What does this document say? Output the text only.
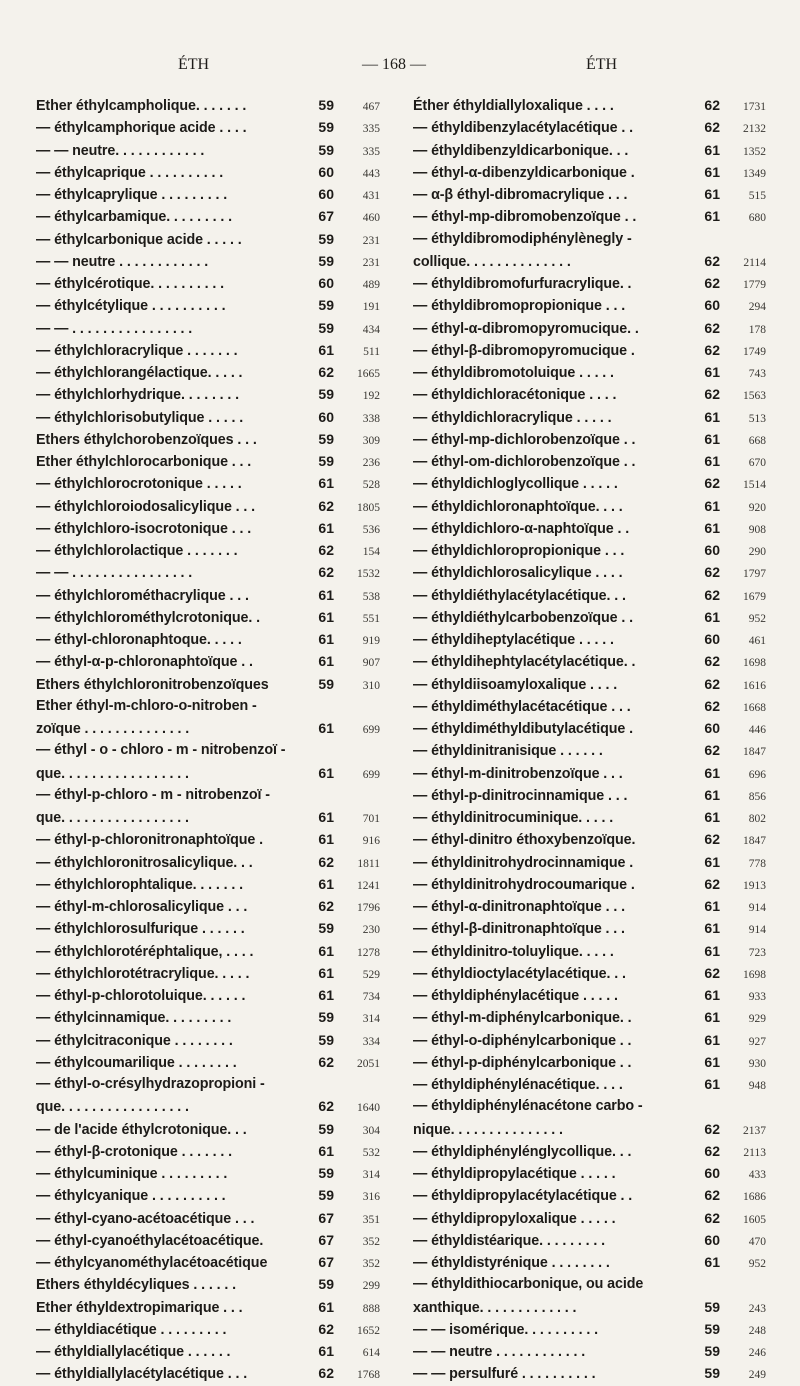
ÉTH	— 168 —	ÉTH
Ether éthylcampholique. . . . . . .	59	467
— éthylcamphorique acide . . . .	59	335
— — neutre. . . . . . . . . . . .	59	335
— éthylcaprique . . . . . . . . . .	60	443
— éthylcaprylique . . . . . . . . .	60	431
— éthylcarbamique. . . . . . . . .	67	460
— éthylcarbonique acide . . . . .	59	231
— — neutre . . . . . . . . . . . .	59	231
— éthylcérotique. . . . . . . . . .	60	489
— éthylcétylique . . . . . . . . . .	59	191
— — . . . . . . . . . . . . . . . .	59	434
— éthylchloracrylique . . . . . . .	61	511
— éthylchlorangélactique. . . . .	62	1665
— éthylchlorhydrique. . . . . . . .	59	192
— éthylchlorisobutylique . . . . .	60	338
Ethers éthylchorobenzoïques . . .	59	309
Ether éthylchlorocarbonique . . .	59	236
— éthylchlorocrotonique . . . . .	61	528
— éthylchloroiodosalicylique . . .	62	1805
— éthylchloro-isocrotonique . . .	61	536
— éthylchlorolactique . . . . . . .	62	154
— — . . . . . . . . . . . . . . . .	62	1532
— éthylchlorométhacrylique . . .	61	538
— éthylchlorométhylcrotonique. .	61	551
— éthyl-chloronaphtoque. . . . .	61	919
— éthyl-α-p-chloronaphtoïque . .	61	907
Ethers éthylchloronitrobenzoïques	59	310
Ether éthyl-m-chloro-o-nitroben -
zoïque . . . . . . . . . . . . . .	61	699
— éthyl - o - chloro - m - nitrobenzoï -
que. . . . . . . . . . . . . . . . .	61	699
— éthyl-p-chloro - m - nitrobenzoï -
que. . . . . . . . . . . . . . . . .	61	701
— éthyl-p-chloronitronaphtoïque .	61	916
— éthylchloronitrosalicylique. . .	62	1811
— éthylchlorophtalique. . . . . . .	61	1241
— éthyl-m-chlorosalicylique . . .	62	1796
— éthylchlorosulfurique . . . . . .	59	230
— éthylchlorotéréphtalique, . . . .	61	1278
— éthylchlorotétracrylique. . . . .	61	529
— éthyl-p-chlorotoluique. . . . . .	61	734
— éthylcinnamique. . . . . . . . .	59	314
— éthylcitraconique . . . . . . . .	59	334
— éthylcoumarilique . . . . . . . .	62	2051
— éthyl-o-crésylhydrazopropioni -
que. . . . . . . . . . . . . . . . .	62	1640
— de l'acide éthylcrotonique. . .	59	304
— éthyl-β-crotonique . . . . . . .	61	532
— éthylcuminique . . . . . . . . .	59	314
— éthylcyanique . . . . . . . . . .	59	316
— éthyl-cyano-acétoacétique . . .	67	351
— éthyl-cyanoéthylacétoacétique.	67	352
— éthylcyanométhylacétoacétique	67	352
Ethers éthyldécyliques . . . . . .	59	299
Ether éthyldextropimarique . . .	61	888
— éthyldiacétique . . . . . . . . .	62	1652
— éthyldiallylacétique . . . . . .	61	614
— éthyldiallylacétylacétique . . .	62	1768
Éther éthyldiallyloxalique . . . .	62	1731
— éthyldibenzylacétylacétique . .	62	2132
— éthyldibenzyldicarbonique. . .	61	1352
— éthyl-α-dibenzyldicarbonique .	61	1349
— α-β éthyl-dibromacrylique . . .	61	515
— éthyl-mp-dibromobenzoïque . .	61	680
— éthyldibromodiphénylènegly -
collique. . . . . . . . . . . . . .	62	2114
— éthyldibromofurfuracrylique. .	62	1779
— éthyldibromopropionique . . .	60	294
— éthyl-α-dibromopyromucique. .	62	178
— éthyl-β-dibromopyromucique .	62	1749
— éthyldibromotoluique . . . . .	61	743
— éthyldichloracétonique . . . .	62	1563
— éthyldichloracrylique . . . . .	61	513
— éthyl-mp-dichlorobenzoïque . .	61	668
— éthyl-om-dichlorobenzoïque . .	61	670
— éthyldichloglycollique . . . . .	62	1514
— éthyldichloronaphtoïque. . . .	61	920
— éthyldichloro-α-naphtoïque . .	61	908
— éthyldichloropropionique . . .	60	290
— éthyldichlorosalicylique . . . .	62	1797
— éthyldiéthylacétylacétique. . .	62	1679
— éthyldiéthylcarbobenzoïque . .	61	952
— éthyldiheptylacétique . . . . .	60	461
— éthyldihephtylacétylacétique. .	62	1698
— éthyldiisoamyloxalique . . . .	62	1616
— éthyldiméthylacétacétique . . .	62	1668
— éthyldiméthyldibutylacétique .	60	446
— éthyldinitranisique . . . . . .	62	1847
— éthyl-m-dinitrobenzoïque . . .	61	696
— éthyl-p-dinitrocinnamique . . .	61	856
— éthyldinitrocuminique. . . . .	61	802
— éthyl-dinitro éthoxybenzoïque.	62	1847
— éthyldinitrohydrocinnamique .	61	778
— éthyldinitrohydrocoumarique .	62	1913
— éthyl-α-dinitronaphtoïque . . .	61	914
— éthyl-β-dinitronaphtoïque . . .	61	914
— éthyldinitro-toluylique. . . . .	61	723
— éthyldioctylacétylacétique. . .	62	1698
— éthyldiphénylacétique . . . . .	61	933
— éthyl-m-diphénylcarbonique. .	61	929
— éthyl-o-diphénylcarbonique . .	61	927
— éthyl-p-diphénylcarbonique . .	61	930
— éthyldiphénylénacétique. . . .	61	948
— éthyldiphénylénacétone carbo -
nique. . . . . . . . . . . . . . .	62	2137
— éthyldiphénylénglycollique. . .	62	2113
— éthyldipropylacétique . . . . .	60	433
— éthyldipropylacétylacétique . .	62	1686
— éthyldipropyloxalique . . . . .	62	1605
— éthyldistéarique. . . . . . . . .	60	470
— éthyldistyrénique . . . . . . . .	61	952
— éthyldithiocarbonique, ou acide
xanthique. . . . . . . . . . . . .	59	243
— — isomérique. . . . . . . . . .	59	248
— — neutre . . . . . . . . . . . .	59	246
— — persulfuré . . . . . . . . . .	59	249
